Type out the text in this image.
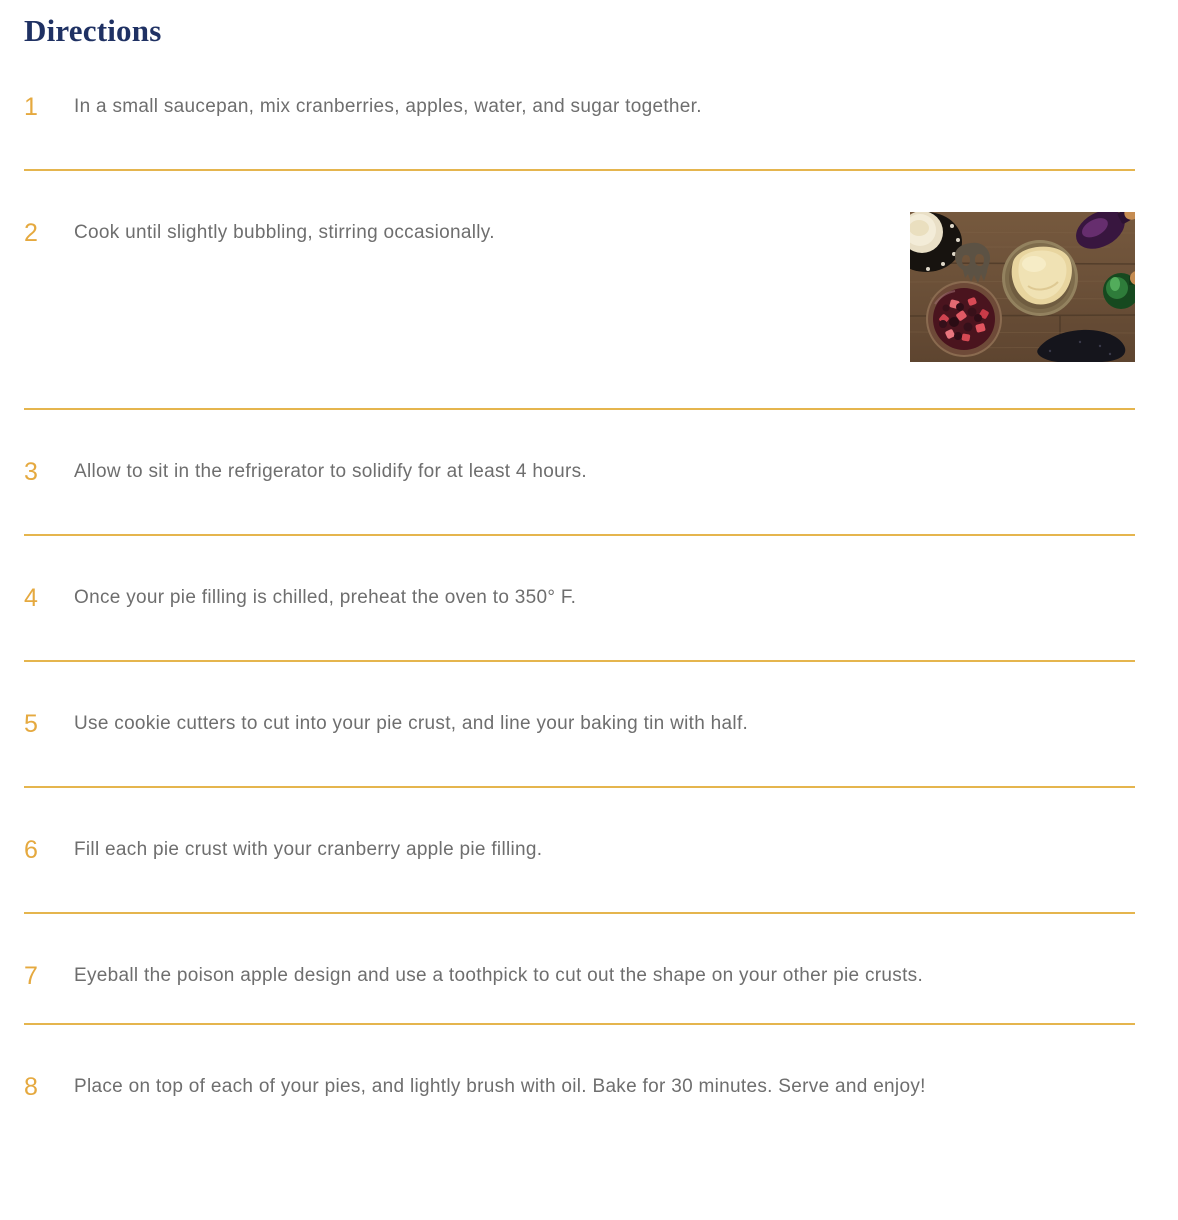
Directions
1	In a small saucepan, mix cranberries, apples, water, and sugar together.

2	Cook until slightly bubbling, stirring occasionally.

3	Allow to sit in the refrigerator to solidify for at least 4 hours.

4	Once your pie filling is chilled, preheat the oven to 350° F.

5	Use cookie cutters to cut into your pie crust, and line your baking tin with half.

6	Fill each pie crust with your cranberry apple pie filling.

7	Eyeball the poison apple design and use a toothpick to cut out the shape on your other pie crusts.

8	Place on top of each of your pies, and lightly brush with oil. Bake for 30 minutes. Serve and enjoy!
